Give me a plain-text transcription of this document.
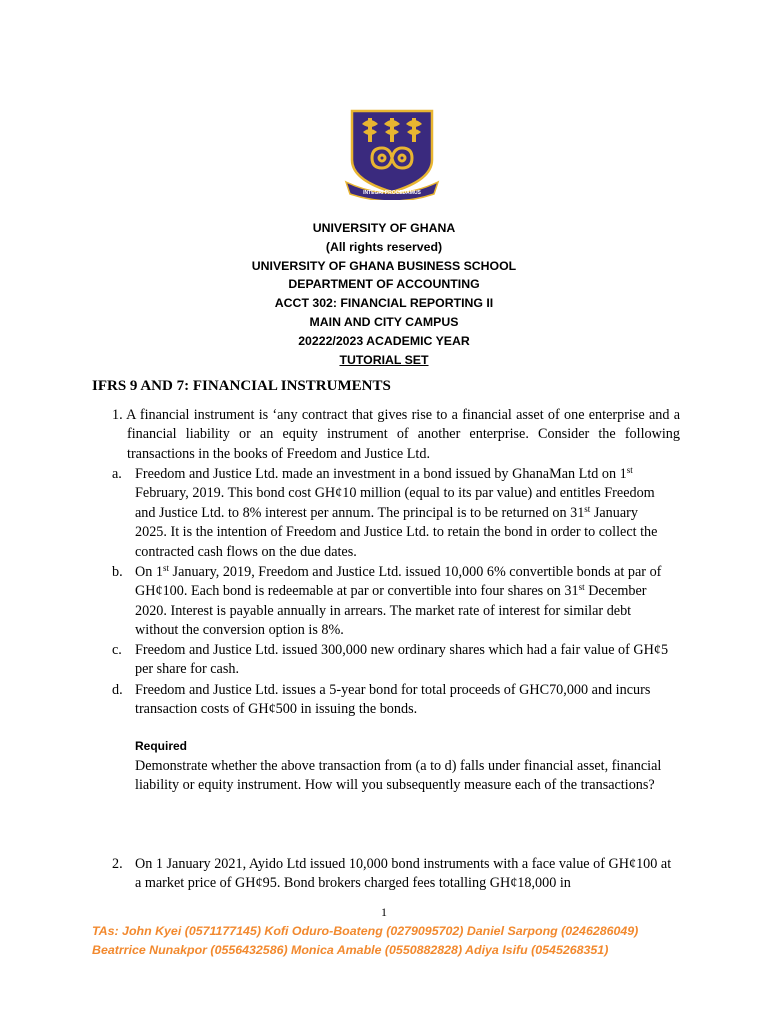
INTEGRI PROCEDAMUS
UNIVERSITY OF GHANA
(All rights reserved)
UNIVERSITY OF GHANA BUSINESS SCHOOL
DEPARTMENT OF ACCOUNTING
ACCT 302: FINANCIAL REPORTING II
MAIN AND CITY CAMPUS
20222/2023 ACADEMIC YEAR
TUTORIAL SET
IFRS 9 AND 7: FINANCIAL INSTRUMENTS
1. A financial instrument is ‘any contract that gives rise to a financial asset of one enterprise and a financial liability or an equity instrument of another enterprise. Consider the following transactions in the books of Freedom and Justice Ltd.
a. Freedom and Justice Ltd. made an investment in a bond issued by GhanaMan Ltd on 1st February, 2019. This bond cost GH¢10 million (equal to its par value) and entitles Freedom and Justice Ltd. to 8% interest per annum. The principal is to be returned on 31st January 2025. It is the intention of Freedom and Justice Ltd. to retain the bond in order to collect the contracted cash flows on the due dates.
b. On 1st January, 2019, Freedom and Justice Ltd. issued 10,000 6% convertible bonds at par of GH¢100. Each bond is redeemable at par or convertible into four shares on 31st December 2020. Interest is payable annually in arrears. The market rate of interest for similar debt without the conversion option is 8%.
c. Freedom and Justice Ltd. issued 300,000 new ordinary shares which had a fair value of GH¢5 per share for cash.
d. Freedom and Justice Ltd. issues a 5-year bond for total proceeds of GHC70,000 and incurs transaction costs of GH¢500 in issuing the bonds.
Required
Demonstrate whether the above transaction from (a to d) falls under financial asset, financial liability or equity instrument. How will you subsequently measure each of the transactions?
2. On 1 January 2021, Ayido Ltd issued 10,000 bond instruments with a face value of GH¢100 at a market price of GH¢95. Bond brokers charged fees totalling GH¢18,000 in
1
TAs: John Kyei (0571177145) Kofi Oduro-Boateng (0279095702) Daniel Sarpong (0246286049)
Beatrrice Nunakpor (0556432586) Monica Amable (0550882828) Adiya Isifu (0545268351)
